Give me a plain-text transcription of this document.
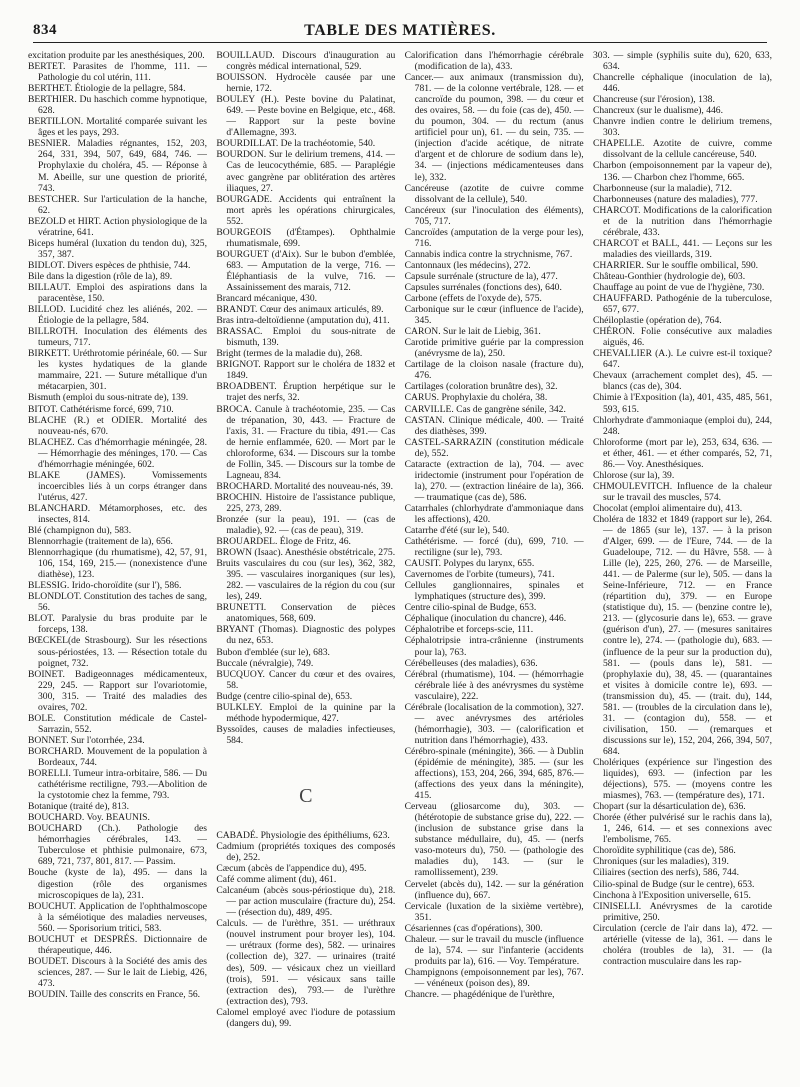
834	TABLE DES MATIÈRES.

excitation produite par les anesthésiques, 200.

BERTET. Parasites de l'homme, 111. — Pathologie du col utérin, 111.

BERTHET. Étiologie de la pellagre, 584.

BERTHIER. Du haschich comme hypnotique, 628.

BERTILLON. Mortalité comparée suivant les âges et les pays, 293.

BESNIER. Maladies régnantes, 152, 203, 264, 331, 394, 507, 649, 684, 746. — Prophylaxie du choléra, 45. — Réponse à M. Abeille, sur une question de priorité, 743.

BESTCHER. Sur l'articulation de la hanche, 62.

BEZOLD et HIRT. Action physiologique de la vératrine, 641.

Biceps huméral (luxation du tendon du), 325, 357, 387.

BIDLOT. Divers espèces de phthisie, 744.

Bile dans la digestion (rôle de la), 89.

BILLAUT. Emploi des aspirations dans la paracentèse, 150.

BILLOD. Lucidité chez les aliénés, 202. — Étiologie de la pellagre, 584.

BILLROTH. Inoculation des éléments des tumeurs, 717.

BIRKETT. Uréthrotomie périnéale, 60. — Sur les kystes hydatiques de la glande mammaire, 221. — Suture métallique d'un métacarpien, 301.

Bismuth (emploi du sous-nitrate de), 139.

BITOT. Cathétérisme forcé, 699, 710.

BLACHE (R.) et ODIER. Mortalité des nouveau-nés, 670.

BLACHEZ. Cas d'hémorrhagie méningée, 28.— Hémorrhagie des méninges, 170. — Cas d'hémorrhagie méningée, 602.

BLAKE (JAMES). Vomissements incoercibles liés à un corps étranger dans l'utérus, 427.

BLANCHARD. Métamorphoses, etc. des insectes, 814.

Blé (champignon du), 583.

Blennorrhagie (traitement de la), 656.

Blennorrhagique (du rhumatisme), 42, 57, 91, 106, 154, 169, 215.— (nonexistence d'une diathèse), 123.

BLESSIG. Irido-choroïdite (sur l'), 586.

BLONDLOT. Constitution des taches de sang, 56.

BLOT. Paralysie du bras produite par le forceps, 138.

BŒCKEL(de Strasbourg). Sur les résections sous-périostées, 13. — Résection totale du poignet, 732.

BOINET. Badigeonnages médicamenteux, 229, 245. — Rapport sur l'ovariotomie, 300, 315. — Traité des maladies des ovaires, 702.

BOLE. Constitution médicale de Castel-Sarrazin, 552.

BONNET. Sur l'otorrhée, 234.

BORCHARD. Mouvement de la population à Bordeaux, 744.

BORELLI. Tumeur intra-orbitaire, 586. — Du cathétérisme rectiligne, 793.—Abolition de la cystotomie chez la femme, 793.

Botanique (traité de), 813.

BOUCHARD. Voy. BEAUNIS.

BOUCHARD (Ch.). Pathologie des hémorrhagies cérébrales, 143. — Tuberculose et phthisie pulmonaire, 673, 689, 721, 737, 801, 817. — Passim.

Bouche (kyste de la), 495. — dans la digestion (rôle des organismes microscopiques de la), 231.

BOUCHUT. Application de l'ophthalmoscope à la séméiotique des maladies nerveuses, 560. — Sporisorium tritici, 583.

BOUCHUT et DESPRÉS. Dictionnaire de thérapeutique, 446.

BOUDET. Discours à la Société des amis des sciences, 287. — Sur le lait de Liebig, 426, 473.

BOUDIN. Taille des conscrits en France, 56.

BOUILLAUD. Discours d'inauguration au congrès médical international, 529.

BOUISSON. Hydrocèle causée par une hernie, 172.

BOULEY (H.). Peste bovine du Palatinat, 649. — Peste bovine en Belgique, etc., 468. — Rapport sur la peste bovine d'Allemagne, 393.

BOURDILLAT. De la trachéotomie, 540.

BOURDON. Sur le delirium tremens, 414. — Cas de leucocythémie, 685. — Paraplégie avec gangrène par oblitération des artères iliaques, 27.

BOURGADE. Accidents qui entraînent la mort après les opérations chirurgicales, 552.

BOURGEOIS (d'Étampes). Ophthalmie rhumatismale, 699.

BOURGUET (d'Aix). Sur le bubon d'emblée, 683. — Amputation de la verge, 716. — Éléphantiasis de la vulve, 716. — Assainissement des marais, 712.

Brancard mécanique, 430.

BRANDT. Cœur des animaux articulés, 89.

Bras intra-deltoïdienne (amputation du), 411.

BRASSAC. Emploi du sous-nitrate de bismuth, 139.

Bright (termes de la maladie du), 268.

BRIGNOT. Rapport sur le choléra de 1832 et 1849.

BROADBENT. Éruption herpétique sur le trajet des nerfs, 32.

BROCA. Canule à trachéotomie, 235. — Cas de trépanation, 30, 443. — Fracture de l'axis, 31. — Fracture du tibia, 491.— Cas de hernie enflammée, 620. — Mort par le chloroforme, 634. — Discours sur la tombe de Follin, 345. — Discours sur la tombe de Lagneau, 834.

BROCHARD. Mortalité des nouveau-nés, 39.

BROCHIN. Histoire de l'assistance publique, 225, 273, 289.

Bronzée (sur la peau), 191. — (cas de maladie), 92. — (cas de peau), 319.

BROUARDEL. Éloge de Fritz, 46.

BROWN (Isaac). Anesthésie obstétricale, 275.

Bruits vasculaires du cou (sur les), 362, 382, 395. — vasculaires inorganiques (sur les), 282. — vasculaires de la région du cou (sur les), 249.

BRUNETTI. Conservation de pièces anatomiques, 568, 609.

BRYANT (Thomas). Diagnostic des polypes du nez, 653.

Bubon d'emblée (sur le), 683.

Buccale (névralgie), 749.

BUCQUOY. Cancer du cœur et des ovaires, 58.

Budge (centre cilio-spinal de), 653.

BULKLEY. Emploi de la quinine par la méthode hypodermique, 427.

Byssoïdes, causes de maladies infectieuses, 584.

C

CABADÉ. Physiologie des épithéliums, 623.

Cadmium (propriétés toxiques des composés de), 252.

Cæcum (abcès de l'appendice du), 495.

Café comme aliment (du), 461.

Calcanéum (abcès sous-périostique du), 218. — par action musculaire (fracture du), 254. — (résection du), 489, 495.

Calculs. — de l'urèthre, 351. — uréthraux (nouvel instrument pour broyer les), 104. — urétraux (forme des), 582. — urinaires (collection de), 327. — urinaires (traité des), 509. — vésicaux chez un vieillard (trois), 591. — vésicaux sans taille (extraction des), 793.— de l'urèthre (extraction des), 793.

Calomel employé avec l'iodure de potassium (dangers du), 99.

Calorification dans l'hémorrhagie cérébrale (modification de la), 433.

Cancer.— aux animaux (transmission du), 781. — de la colonne vertébrale, 128. — et cancroïde du poumon, 398. — du cœur et des ovaires, 58. — du foie (cas de), 450. — du poumon, 304. — du rectum (anus artificiel pour un), 61. — du sein, 735. — (injection d'acide acétique, de nitrate d'argent et de chlorure de sodium dans le), 34. — (injections médicamenteuses dans le), 332.

Cancéreuse (azotite de cuivre comme dissolvant de la cellule), 540.

Cancéreux (sur l'inoculation des éléments), 705, 717.

Cancroïdes (amputation de la verge pour les), 716.

Cannabis indica contre la strychnisme, 767.

Cantonnaux (les médecins), 272.

Capsule surrénale (structure de la), 477.

Capsules surrénales (fonctions des), 640.

Carbone (effets de l'oxyde de), 575.

Carbonique sur le cœur (influence de l'acide), 345.

CARON. Sur le lait de Liebig, 361.

Carotide primitive guérie par la compression (anévrysme de la), 250.

Cartilage de la cloison nasale (fracture du), 476.

Cartilages (coloration brunâtre des), 32.

CARUS. Prophylaxie du choléra, 38.

CARVILLE. Cas de gangrène sénile, 342.

CASTAN. Clinique médicale, 400. — Traité des diathèses, 399.

CASTEL-SARRAZIN (constitution médicale de), 552.

Cataracte (extraction de la), 704. — avec iridectomie (instrument pour l'opération de la), 270. — (extraction linéaire de la), 366. — traumatique (cas de), 586.

Catarrhales (chlorhydrate d'ammoniaque dans les affections), 420.

Catarrhe d'été (sur le), 540.

Cathétérisme. — forcé (du), 699, 710. — rectiligne (sur le), 793.

CAUSIT. Polypes du larynx, 655.

Cavernomes de l'orbite (tumeurs), 741.

Cellules ganglionnaires, spinales et lymphatiques (structure des), 399.

Centre cilio-spinal de Budge, 653.

Céphalique (inoculation du chancre), 446.

Céphalotribe et forceps-scie, 111.

Céphalotripsie intra-crânienne (instruments pour la), 763.

Cérébelleuses (des maladies), 636.

Cérébral (rhumatisme), 104. — (hémorrhagie cérébrale liée à des anévrysmes du système vasculaire), 222.

Cérébrale (localisation de la commotion), 327. — avec anévrysmes des artérioles (hémorrhagie), 303. — (calorification et nutrition dans l'hémorrhagie), 433.

Cérébro-spinale (méningite), 366. — à Dublin (épidémie de méningite), 385. — (sur les affections), 153, 204, 266, 394, 685, 876.— (affections des yeux dans la méningite), 415.

Cerveau (gliosarcome du), 303. — (hétérotopie de substance grise du), 222. — (inclusion de substance grise dans la substance médullaire, du), 45. — (nerfs vaso-moteurs du), 750. — (pathologie des maladies du), 143. — (sur le ramollissement), 239.

Cervelet (abcès du), 142. — sur la génération (influence du), 667.

Cervicale (luxation de la sixième vertèbre), 351.

Césariennes (cas d'opérations), 300.

Chaleur. — sur le travail du muscle (influence de la), 574. — sur l'infanterie (accidents produits par la), 616. — Voy. Température.

Champignons (empoisonnement par les), 767. — vénéneux (poison des), 89.

Chancre. — phagédénique de l'urèthre,

303. — simple (syphilis suite du), 620, 633, 634.

Chancrelle céphalique (inoculation de la), 446.

Chancreuse (sur l'érosion), 138.

Chancreux (sur le dualisme), 446.

Chanvre indien contre le delirium tremens, 303.

CHAPELLE. Azotite de cuivre, comme dissolvant de la cellule cancéreuse, 540.

Charbon (empoisonnement par la vapeur de), 136. — Charbon chez l'homme, 665.

Charbonneuse (sur la maladie), 712.

Charbonneuses (nature des maladies), 777.

CHARCOT. Modifications de la calorification et de la nutrition dans l'hémorrhagie cérébrale, 433.

CHARCOT et BALL, 441. — Leçons sur les maladies des vieillards, 319.

CHARRIER. Sur le souffle ombilical, 590.

Château-Gonthier (hydrologie de), 603.

Chauffage au point de vue de l'hygiène, 730.

CHAUFFARD. Pathogénie de la tuberculose, 657, 677.

Chéiloplastie (opération de), 764.

CHÉRON. Folie consécutive aux maladies aiguës, 46.

CHEVALLIER (A.). Le cuivre est-il toxique? 647.

Chevaux (arrachement complet des), 45. — blancs (cas de), 304.

Chimie à l'Exposition (la), 401, 435, 485, 561, 593, 615.

Chlorhydrate d'ammoniaque (emploi du), 244, 248.

Chloroforme (mort par le), 253, 634, 636. — et éther, 461. — et éther comparés, 52, 71, 86.— Voy. Anesthésiques.

Chlorose (sur la), 39.

CHMOULEVITCH. Influence de la chaleur sur le travail des muscles, 574.

Chocolat (emploi alimentaire du), 413.

Choléra de 1832 et 1849 (rapport sur le), 264. — de 1865 (sur le), 137. — à la prison d'Alger, 699. — de l'Eure, 744. — de la Guadeloupe, 712. — du Hâvre, 558. — à Lille (le), 225, 260, 276. — de Marseille, 441. — de Palerme (sur le), 505. — dans la Seine-Inférieure, 712. — en France (répartition du), 379. — en Europe (statistique du), 15. — (benzine contre le), 213. — (glycosurie dans le), 653. — grave (guérison d'un), 27. — (mesures sanitaires contre le), 274. — (pathologie du), 683. — (influence de la peur sur la production du), 581. — (pouls dans le), 581. — (prophylaxie du), 38, 45. — (quarantaines et visites à domicile contre le), 693. — (transmission du), 45. — (trait. du), 144, 581. — (troubles de la circulation dans le), 31. — (contagion du), 558. — et civilisation, 150. — (remarques et discussions sur le), 152, 204, 266, 394, 507, 684.

Cholériques (expérience sur l'ingestion des liquides), 693. — (infection par les déjections), 575. — (moyens contre les miasmes), 763. — (température des), 171.

Chopart (sur la désarticulation de), 636.

Chorée (éther pulvérisé sur le rachis dans la), 1, 246, 614. — et ses connexions avec l'embolisme, 765.

Choroïdite syphilitique (cas de), 586.

Chroniques (sur les maladies), 319.

Ciliaires (section des nerfs), 586, 744.

Cilio-spinal de Budge (sur le centre), 653.

Cinchona à l'Exposition universelle, 615.

CINISELLI. Anévrysmes de la carotide primitive, 250.

Circulation (cercle de l'air dans la), 472. — artérielle (vitesse de la), 361. — dans le choléra (troubles de la), 31. — (la contraction musculaire dans les rap-
